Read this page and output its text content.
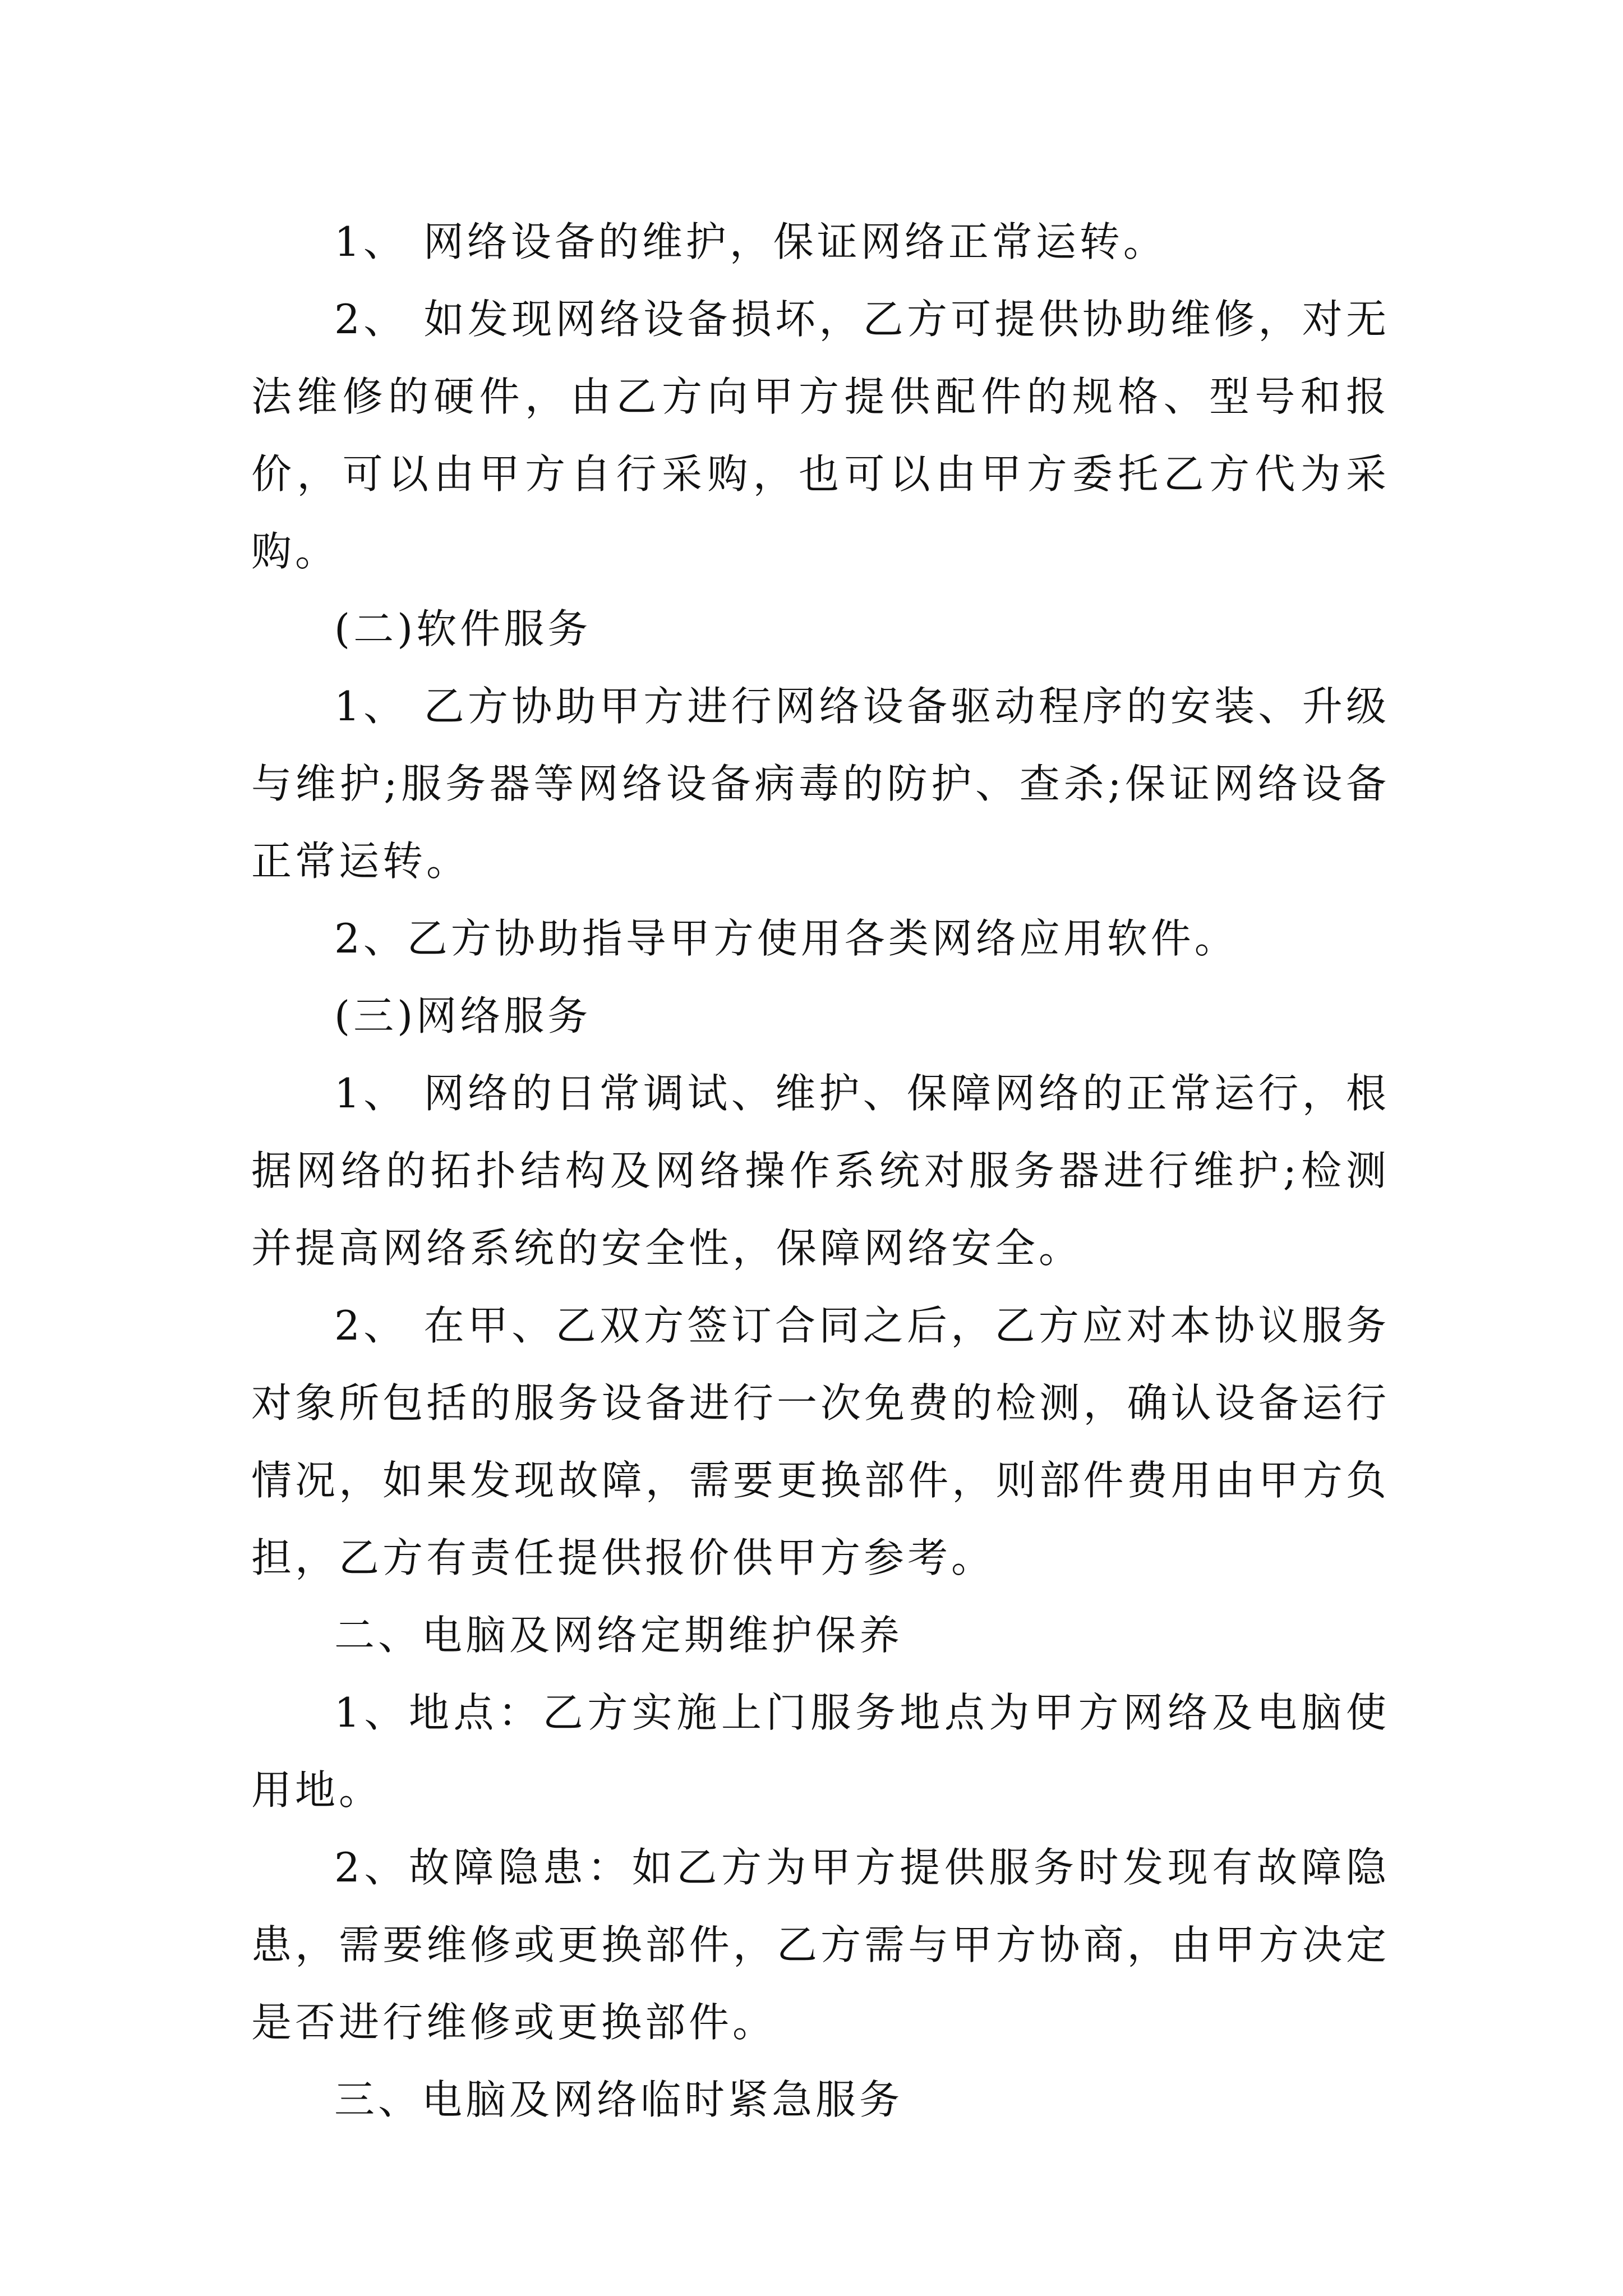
1、 网络设备的维护，保证网络正常运转。

2、 如发现网络设备损坏，乙方可提供协助维修，对无法维修的硬件，由乙方向甲方提供配件的规格、型号和报价，可以由甲方自行采购，也可以由甲方委托乙方代为采购。

(二)软件服务

1、 乙方协助甲方进行网络设备驱动程序的安装、升级与维护;服务器等网络设备病毒的防护、查杀;保证网络设备正常运转。

2、乙方协助指导甲方使用各类网络应用软件。

(三)网络服务

1、 网络的日常调试、维护、保障网络的正常运行，根据网络的拓扑结构及网络操作系统对服务器进行维护;检测并提高网络系统的安全性，保障网络安全。

2、 在甲、乙双方签订合同之后，乙方应对本协议服务对象所包括的服务设备进行一次免费的检测，确认设备运行情况，如果发现故障，需要更换部件，则部件费用由甲方负担，乙方有责任提供报价供甲方参考。

二、电脑及网络定期维护保养

1、地点：乙方实施上门服务地点为甲方网络及电脑使用地。

2、故障隐患：如乙方为甲方提供服务时发现有故障隐患，需要维修或更换部件，乙方需与甲方协商，由甲方决定是否进行维修或更换部件。

三、电脑及网络临时紧急服务
